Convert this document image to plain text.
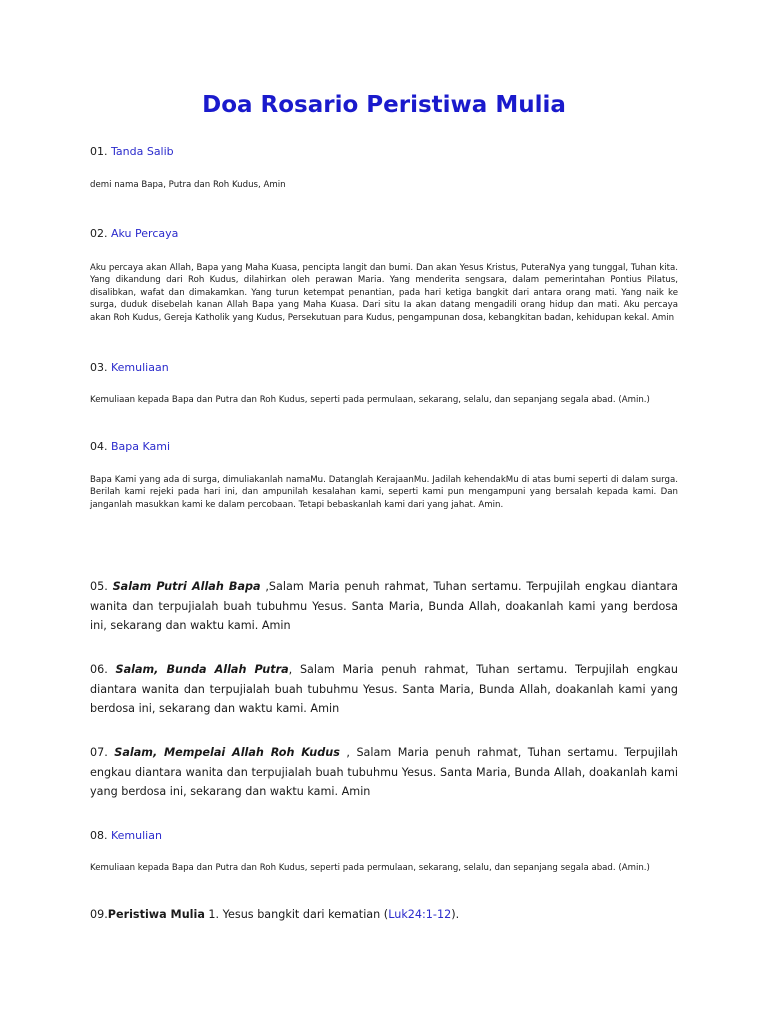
Doa Rosario Peristiwa Mulia
01. Tanda Salib
demi nama Bapa, Putra dan Roh Kudus, Amin
02. Aku Percaya
Aku percaya akan Allah, Bapa yang Maha Kuasa, pencipta langit dan bumi. Dan akan Yesus Kristus, PuteraNya yang tunggal, Tuhan kita. Yang dikandung dari Roh Kudus, dilahirkan oleh perawan Maria. Yang menderita sengsara, dalam pemerintahan Pontius Pilatus, disalibkan, wafat dan dimakamkan. Yang turun ketempat penantian, pada hari ketiga bangkit dari antara orang mati. Yang naik ke surga, duduk disebelah kanan Allah Bapa yang Maha Kuasa. Dari situ Ia akan datang mengadili orang hidup dan mati. Aku percaya akan Roh Kudus, Gereja Katholik yang Kudus, Persekutuan para Kudus, pengampunan dosa, kebangkitan badan, kehidupan kekal. Amin
03. Kemuliaan
Kemuliaan kepada Bapa dan Putra dan Roh Kudus, seperti pada permulaan, sekarang, selalu, dan sepanjang segala abad. (Amin.)
04. Bapa Kami
Bapa Kami yang ada di surga, dimuliakanlah namaMu. Datanglah KerajaanMu. Jadilah kehendakMu di atas bumi seperti di dalam surga. Berilah kami rejeki pada hari ini, dan ampunilah kesalahan kami, seperti kami pun mengampuni yang bersalah kepada kami. Dan janganlah masukkan kami ke dalam percobaan. Tetapi bebaskanlah kami dari yang jahat. Amin.
05. Salam Putri Allah Bapa ,Salam Maria penuh rahmat, Tuhan sertamu. Terpujilah engkau diantara wanita dan terpujialah buah tubuhmu Yesus. Santa Maria, Bunda Allah, doakanlah kami yang berdosa ini, sekarang dan waktu kami. Amin
06. Salam, Bunda Allah Putra, Salam Maria penuh rahmat, Tuhan sertamu. Terpujilah engkau diantara wanita dan terpujialah buah tubuhmu Yesus. Santa Maria, Bunda Allah, doakanlah kami yang berdosa ini, sekarang dan waktu kami. Amin
07. Salam, Mempelai Allah Roh Kudus , Salam Maria penuh rahmat, Tuhan sertamu. Terpujilah engkau diantara wanita dan terpujialah buah tubuhmu Yesus. Santa Maria, Bunda Allah, doakanlah kami yang berdosa ini, sekarang dan waktu kami. Amin
08. Kemulian
Kemuliaan kepada Bapa dan Putra dan Roh Kudus, seperti pada permulaan, sekarang, selalu, dan sepanjang segala abad. (Amin.)
09.Peristiwa Mulia 1. Yesus bangkit dari kematian (Luk24:1-12).
